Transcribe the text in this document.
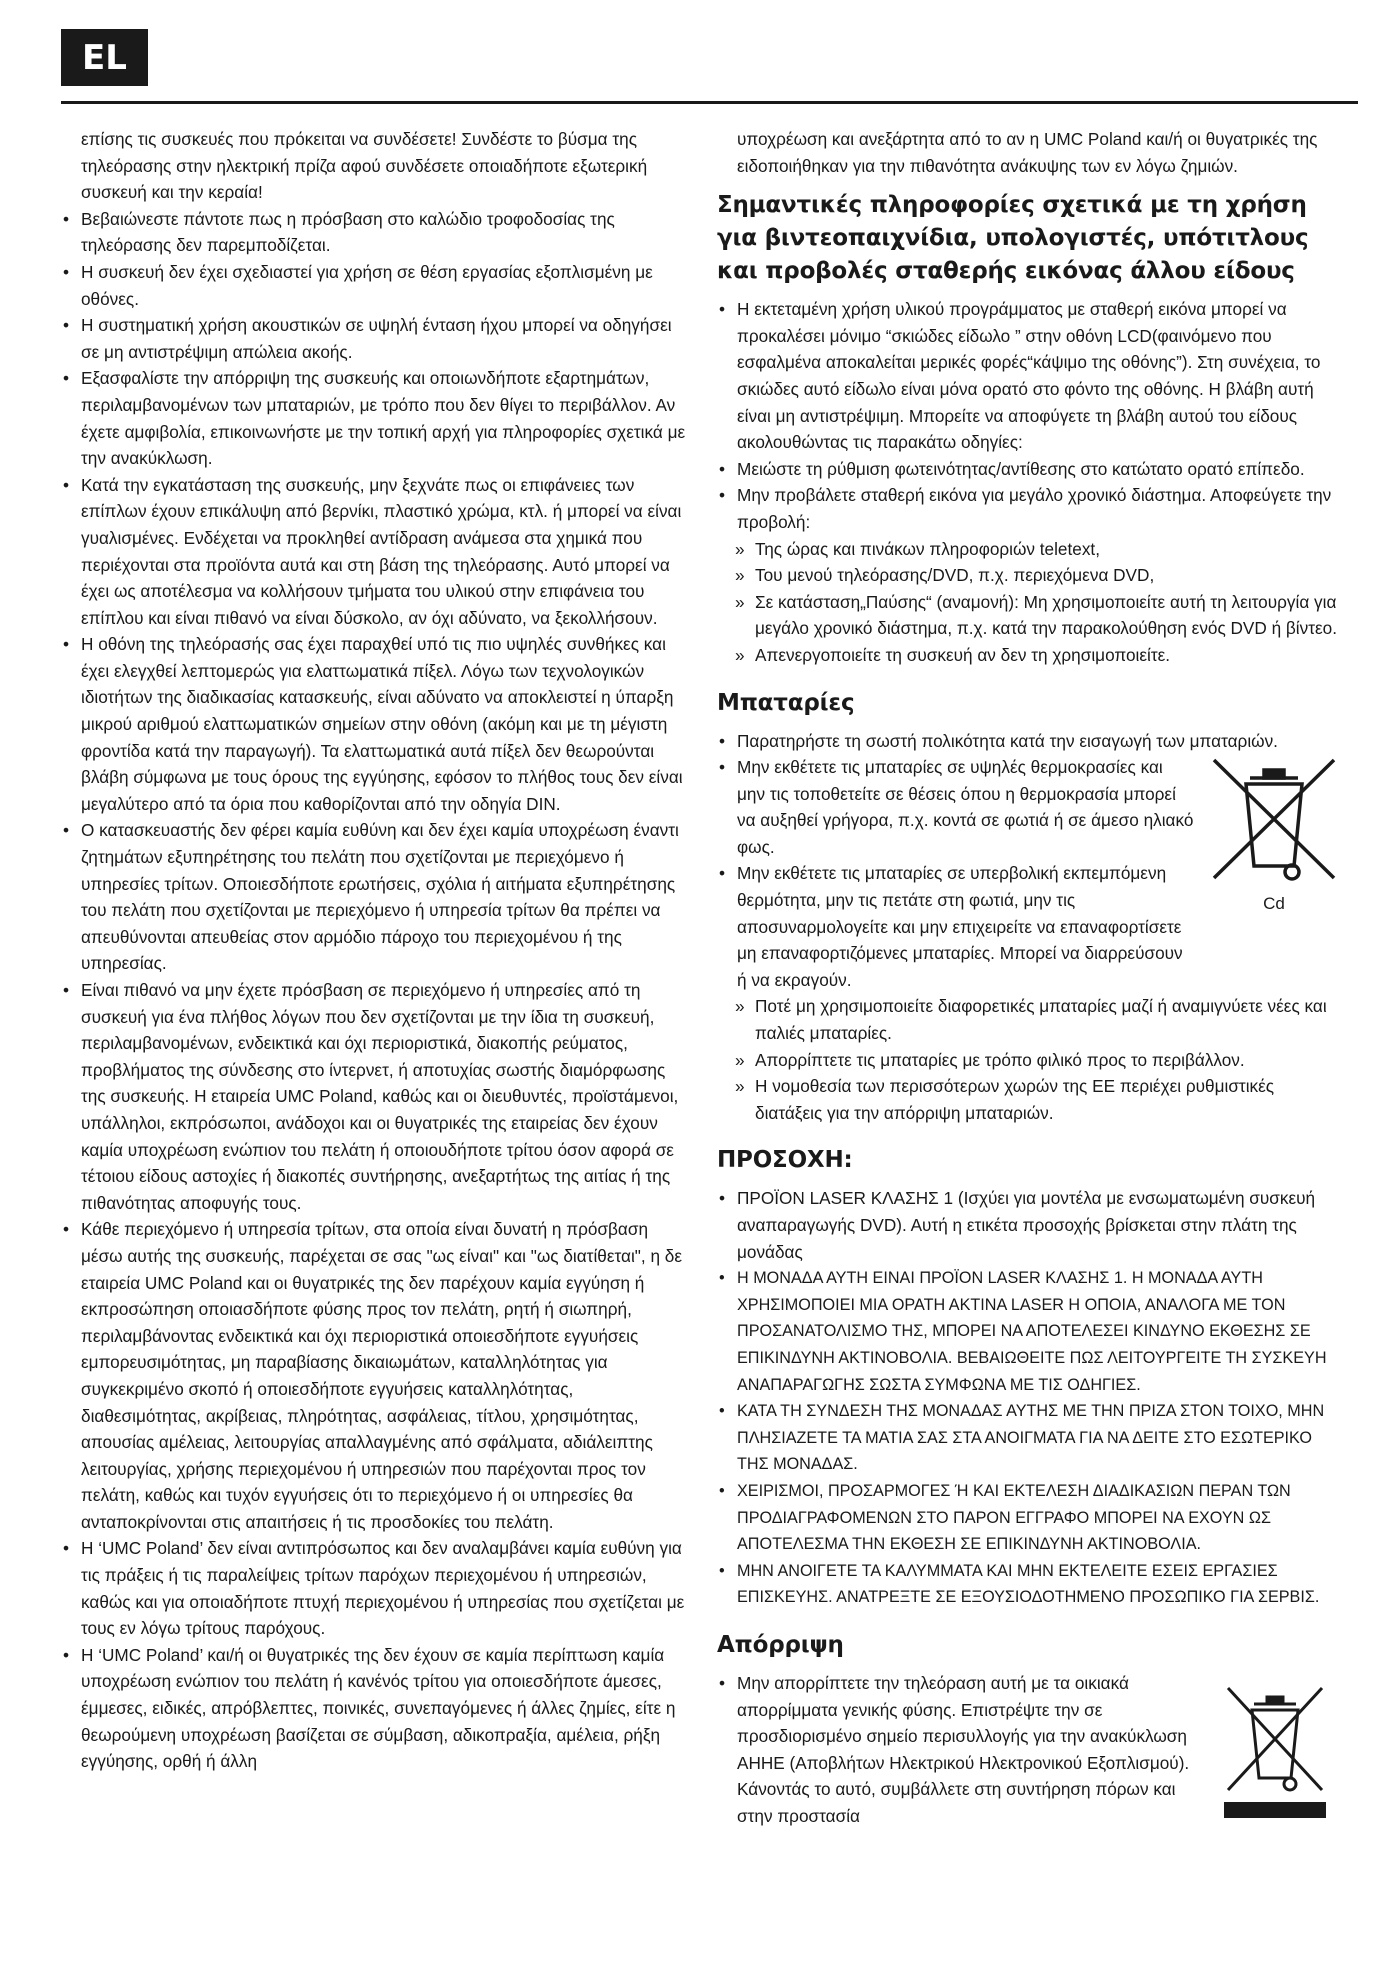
EL

επίσης τις συσκευές που πρόκειται να συνδέσετε! Συνδέστε το βύσμα της τηλεόρασης στην ηλεκτρική πρίζα αφού συνδέσετε οποιαδήποτε εξωτερική συσκευή και την κεραία!

• Βεβαιώνεστε πάντοτε πως η πρόσβαση στο καλώδιο τροφοδοσίας της τηλεόρασης δεν παρεμποδίζεται.
• Η συσκευή δεν έχει σχεδιαστεί για χρήση σε θέση εργασίας εξοπλισμένη με οθόνες.
• Η συστηματική χρήση ακουστικών σε υψηλή ένταση ήχου μπορεί να οδηγήσει σε μη αντιστρέψιμη απώλεια ακοής.
• Εξασφαλίστε την απόρριψη της συσκευής και οποιωνδήποτε εξαρτημάτων, περιλαμβανομένων των μπαταριών, με τρόπο που δεν θίγει το περιβάλλον. Αν έχετε αμφιβολία, επικοινωνήστε με την τοπική αρχή για πληροφορίες σχετικά με την ανακύκλωση.
• Κατά την εγκατάσταση της συσκευής, μην ξεχνάτε πως οι επιφάνειες των επίπλων έχουν επικάλυψη από βερνίκι, πλαστικό χρώμα, κτλ. ή μπορεί να είναι γυαλισμένες. Ενδέχεται να προκληθεί αντίδραση ανάμεσα στα χημικά που περιέχονται στα προϊόντα αυτά και στη βάση της τηλεόρασης. Αυτό μπορεί να έχει ως αποτέλεσμα να κολλήσουν τμήματα του υλικού στην επιφάνεια του επίπλου και είναι πιθανό να είναι δύσκολο, αν όχι αδύνατο, να ξεκολλήσουν.
• Η οθόνη της τηλεόρασής σας έχει παραχθεί υπό τις πιο υψηλές συνθήκες και έχει ελεγχθεί λεπτομερώς για ελαττωματικά πίξελ. Λόγω των τεχνολογικών ιδιοτήτων της διαδικασίας κατασκευής, είναι αδύνατο να αποκλειστεί η ύπαρξη μικρού αριθμού ελαττωματικών σημείων στην οθόνη (ακόμη και με τη μέγιστη φροντίδα κατά την παραγωγή). Τα ελαττωματικά αυτά πίξελ δεν θεωρούνται βλάβη σύμφωνα με τους όρους της εγγύησης, εφόσον το πλήθος τους δεν είναι μεγαλύτερο από τα όρια που καθορίζονται από την οδηγία DIN.
• Ο κατασκευαστής δεν φέρει καμία ευθύνη και δεν έχει καμία υποχρέωση έναντι ζητημάτων εξυπηρέτησης του πελάτη που σχετίζονται με περιεχόμενο ή υπηρεσίες τρίτων. Οποιεσδήποτε ερωτήσεις, σχόλια ή αιτήματα εξυπηρέτησης του πελάτη που σχετίζονται με περιεχόμενο ή υπηρεσία τρίτων θα πρέπει να απευθύνονται απευθείας στον αρμόδιο πάροχο του περιεχομένου ή της υπηρεσίας.
• Είναι πιθανό να μην έχετε πρόσβαση σε περιεχόμενο ή υπηρεσίες από τη συσκευή για ένα πλήθος λόγων που δεν σχετίζονται με την ίδια τη συσκευή, περιλαμβανομένων, ενδεικτικά και όχι περιοριστικά, διακοπής ρεύματος, προβλήματος της σύνδεσης στο ίντερνετ, ή αποτυχίας σωστής διαμόρφωσης της συσκευής. Η εταιρεία UMC Poland, καθώς και οι διευθυντές, προϊστάμενοι, υπάλληλοι, εκπρόσωποι, ανάδοχοι και οι θυγατρικές της εταιρείας δεν έχουν καμία υποχρέωση ενώπιον του πελάτη ή οποιουδήποτε τρίτου όσον αφορά σε τέτοιου είδους αστοχίες ή διακοπές συντήρησης, ανεξαρτήτως της αιτίας ή της πιθανότητας αποφυγής τους.
• Κάθε περιεχόμενο ή υπηρεσία τρίτων, στα οποία είναι δυνατή η πρόσβαση μέσω αυτής της συσκευής, παρέχεται σε σας "ως είναι" και "ως διατίθεται", η δε εταιρεία UMC Poland και οι θυγατρικές της δεν παρέχουν καμία εγγύηση ή εκπροσώπηση οποιασδήποτε φύσης προς τον πελάτη, ρητή ή σιωπηρή, περιλαμβάνοντας ενδεικτικά και όχι περιοριστικά οποιεσδήποτε εγγυήσεις εμπορευσιμότητας, μη παραβίασης δικαιωμάτων, καταλληλότητας για συγκεκριμένο σκοπό ή οποιεσδήποτε εγγυήσεις καταλληλότητας, διαθεσιμότητας, ακρίβειας, πληρότητας, ασφάλειας, τίτλου, χρησιμότητας, απουσίας αμέλειας, λειτουργίας απαλλαγμένης από σφάλματα, αδιάλειπτης λειτουργίας, χρήσης περιεχομένου ή υπηρεσιών που παρέχονται προς τον πελάτη, καθώς και τυχόν εγγυήσεις ότι το περιεχόμενο ή οι υπηρεσίες θα ανταποκρίνονται στις απαιτήσεις ή τις προσδοκίες του πελάτη.
• Η ‘UMC Poland’ δεν είναι αντιπρόσωπος και δεν αναλαμβάνει καμία ευθύνη για τις πράξεις ή τις παραλείψεις τρίτων παρόχων περιεχομένου ή υπηρεσιών, καθώς και για οποιαδήποτε πτυχή περιεχομένου ή υπηρεσίας που σχετίζεται με τους εν λόγω τρίτους παρόχους.
• Η ‘UMC Poland’ και/ή οι θυγατρικές της δεν έχουν σε καμία περίπτωση καμία υποχρέωση ενώπιον του πελάτη ή κανένός τρίτου για οποιεσδήποτε άμεσες, έμμεσες, ειδικές, απρόβλεπτες, ποινικές, συνεπαγόμενες ή άλλες ζημίες, είτε η θεωρούμενη υποχρέωση βασίζεται σε σύμβαση, αδικοπραξία, αμέλεια, ρήξη εγγύησης, ορθή ή άλλη

υποχρέωση και ανεξάρτητα από το αν η UMC Poland και/ή οι θυγατρικές της ειδοποιήθηκαν για την πιθανότητα ανάκυψης των εν λόγω ζημιών.

Σημαντικές πληροφορίες σχετικά με τη χρήση για βιντεοπαιχνίδια, υπολογιστές, υπότιτλους και προβολές σταθερής εικόνας άλλου είδους
• Η εκτεταμένη χρήση υλικού προγράμματος με σταθερή εικόνα μπορεί να προκαλέσει μόνιμο “σκιώδες είδωλο ” στην οθόνη LCD(φαινόμενο που εσφαλμένα αποκαλείται μερικές φορές“κάψιμο της οθόνης”). Στη συνέχεια, το σκιώδες αυτό είδωλο είναι μόνα ορατό στο φόντο της οθόνης. Η βλάβη αυτή είναι μη αντιστρέψιμη. Μπορείτε να αποφύγετε τη βλάβη αυτού του είδους ακολουθώντας τις παρακάτω οδηγίες:
• Μειώστε τη ρύθμιση φωτεινότητας/αντίθεσης στο κατώτατο ορατό επίπεδο.
• Μην προβάλετε σταθερή εικόνα για μεγάλο χρονικό διάστημα. Αποφεύγετε την προβολή:
» Της ώρας και πινάκων πληροφοριών teletext,
» Του μενού τηλεόρασης/DVD, π.χ. περιεχόμενα DVD,
» Σε κατάσταση„Παύσης“ (αναμονή): Μη χρησιμοποιείτε αυτή τη λειτουργία για μεγάλο χρονικό διάστημα, π.χ. κατά την παρακολούθηση ενός DVD ή βίντεο.
» Απενεργοποιείτε τη συσκευή αν δεν τη χρησιμοποιείτε.
Μπαταρίες
• Παρατηρήστε τη σωστή πολικότητα κατά την εισαγωγή των μπαταριών.
• Μην εκθέτετε τις μπαταρίες σε υψηλές θερμοκρασίες και μην τις τοποθετείτε σε θέσεις όπου η θερμοκρασία μπορεί να αυξηθεί γρήγορα, π.χ. κοντά σε φωτιά ή σε άμεσο ηλιακό φως.
• Μην εκθέτετε τις μπαταρίες σε υπερβολική εκπεμπόμενη θερμότητα, μην τις πετάτε στη φωτιά, μην τις αποσυναρμολογείτε και μην επιχειρείτε να επαναφορτίσετε μη επαναφορτιζόμενες μπαταρίες. Μπορεί να διαρρεύσουν ή να εκραγούν.
Cd
» Ποτέ μη χρησιμοποιείτε διαφορετικές μπαταρίες μαζί ή αναμιγνύετε νέες και παλιές μπαταρίες.
» Απορρίπτετε τις μπαταρίες με τρόπο φιλικό προς το περιβάλλον.
» Η νομοθεσία των περισσότερων χωρών της ΕΕ περιέχει ρυθμιστικές διατάξεις για την απόρριψη μπαταριών.
ΠΡΟΣΟΧΗ:
• ΠΡΟΪΟΝ LASER ΚΛΑΣΗΣ 1 (Ισχύει για μοντέλα με ενσωματωμένη συσκευή αναπαραγωγής DVD). Αυτή η ετικέτα προσοχής βρίσκεται στην πλάτη της μονάδας
• Η ΜΟΝΑΔΑ ΑΥΤΗ ΕΙΝΑΙ ΠΡΟΪΟΝ LASER ΚΛΑΣΗΣ 1. Η ΜΟΝΑΔΑ ΑΥΤΗ ΧΡΗΣΙΜΟΠΟΙΕΙ ΜΙΑ ΟΡΑΤΗ ΑΚΤΙΝΑ LASER Η ΟΠΟΙΑ, ΑΝΑΛΟΓΑ ΜΕ ΤΟΝ ΠΡΟΣΑΝΑΤΟΛΙΣΜΟ ΤΗΣ, ΜΠΟΡΕΙ ΝΑ ΑΠΟΤΕΛΕΣΕΙ ΚΙΝΔΥΝΟ ΕΚΘΕΣΗΣ ΣΕ ΕΠΙΚΙΝΔΥΝΗ ΑΚΤΙΝΟΒΟΛΙΑ. ΒΕΒΑΙΩΘΕΙΤΕ ΠΩΣ ΛΕΙΤΟΥΡΓΕΙΤΕ ΤΗ ΣΥΣΚΕΥΗ ΑΝΑΠΑΡΑΓΩΓΗΣ ΣΩΣΤΑ ΣΥΜΦΩΝΑ ΜΕ ΤΙΣ ΟΔΗΓΙΕΣ.
• ΚΑΤΑ ΤΗ ΣΥΝΔΕΣΗ ΤΗΣ ΜΟΝΑΔΑΣ ΑΥΤΗΣ ΜΕ ΤΗΝ ΠΡΙΖΑ ΣΤΟΝ ΤΟΙΧΟ, ΜΗΝ ΠΛΗΣΙΑΖΕΤΕ ΤΑ ΜΑΤΙΑ ΣΑΣ ΣΤΑ ΑΝΟΙΓΜΑΤΑ ΓΙΑ ΝΑ ΔΕΙΤΕ ΣΤΟ ΕΣΩΤΕΡΙΚΟ ΤΗΣ ΜΟΝΑΔΑΣ.
• ΧΕΙΡΙΣΜΟΙ, ΠΡΟΣΑΡΜΟΓΕΣ Ή ΚΑΙ ΕΚΤΕΛΕΣΗ ΔΙΑΔΙΚΑΣΙΩΝ ΠΕΡΑΝ ΤΩΝ ΠΡΟΔΙΑΓΡΑΦΟΜΕΝΩΝ ΣΤΟ ΠΑΡΟΝ ΕΓΓΡΑΦΟ ΜΠΟΡΕΙ ΝΑ ΕΧΟΥΝ ΩΣ ΑΠΟΤΕΛΕΣΜΑ ΤΗΝ ΕΚΘΕΣΗ ΣΕ ΕΠΙΚΙΝΔΥΝΗ ΑΚΤΙΝΟΒΟΛΙΑ.
• ΜΗΝ ΑΝΟΙΓΕΤΕ ΤΑ ΚΑΛΥΜΜΑΤΑ ΚΑΙ ΜΗΝ ΕΚΤΕΛΕΙΤΕ ΕΣΕΙΣ ΕΡΓΑΣΙΕΣ ΕΠΙΣΚΕΥΗΣ. ΑΝΑΤΡΕΞΤΕ ΣΕ ΕΞΟΥΣΙΟΔΟΤΗΜΕΝΟ ΠΡΟΣΩΠΙΚΟ ΓΙΑ ΣΕΡΒΙΣ.
Απόρριψη
• Μην απορρίπτετε την τηλεόραση αυτή με τα οικιακά απορρίμματα γενικής φύσης. Επιστρέψτε την σε προσδιορισμένο σημείο περισυλλογής για την ανακύκλωση ΑΗΗΕ (Αποβλήτων Ηλεκτρικού Ηλεκτρονικού Εξοπλισμού). Κάνοντάς το αυτό, συμβάλλετε στη συντήρηση πόρων και στην προστασία
